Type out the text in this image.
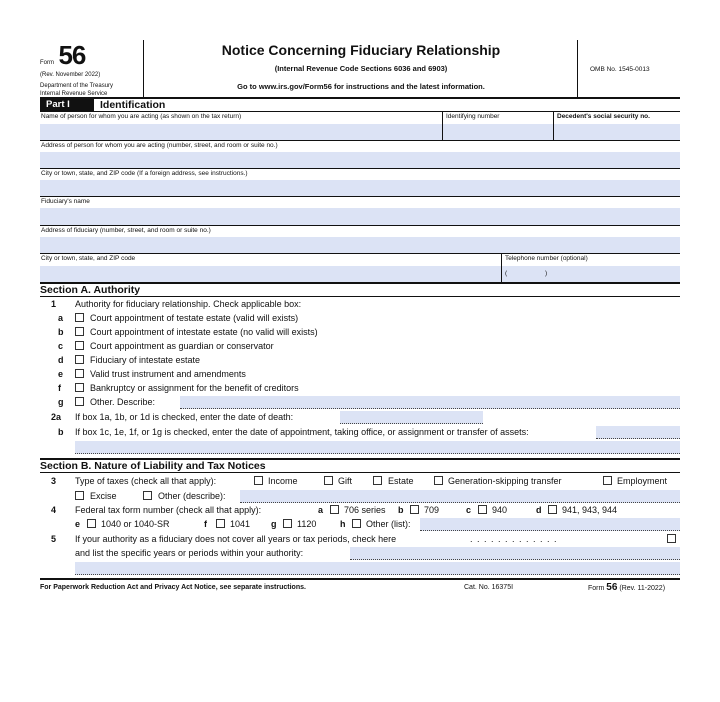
Form 56
(Rev. November 2022)
Department of the Treasury
Internal Revenue Service
Notice Concerning Fiduciary Relationship
(Internal Revenue Code Sections 6036 and 6903)
Go to www.irs.gov/Form56 for instructions and the latest information.
OMB No. 1545-0013
Part I	Identification
Name of person for whom you are acting (as shown on the tax return)	Identifying number	Decedent's social security no.
Address of person for whom you are acting (number, street, and room or suite no.)
City or town, state, and ZIP code (If a foreign address, see instructions.)
Fiduciary's name
Address of fiduciary (number, street, and room or suite no.)
City or town, state, and ZIP code	Telephone number (optional)
(	)
Section A. Authority
1 Authority for fiduciary relationship. Check applicable box:
a	Court appointment of testate estate (valid will exists)
b	Court appointment of intestate estate (no valid will exists)
c	Court appointment as guardian or conservator
d	Fiduciary of intestate estate
e	Valid trust instrument and amendments
f	Bankruptcy or assignment for the benefit of creditors
g	Other. Describe:
2a If box 1a, 1b, or 1d is checked, enter the date of death:
b If box 1c, 1e, 1f, or 1g is checked, enter the date of appointment, taking office, or assignment or transfer of assets:
Section B. Nature of Liability and Tax Notices
3 Type of taxes (check all that apply):	Income	Gift	Estate	Generation-skipping transfer	Employment
Excise	Other (describe):
4 Federal tax form number (check all that apply):	a 706 series b 709	c 940	d 941, 943, 944
e 1040 or 1040-SR	f	1041 g 1120	h Other (list):
5 If your authority as a fiduciary does not cover all years or tax periods, check here	. . . . . . . . . . . . .
and list the specific years or periods within your authority:
For Paperwork Reduction Act and Privacy Act Notice, see separate instructions.	Cat. No. 16375I	Form 56 (Rev. 11-2022)
